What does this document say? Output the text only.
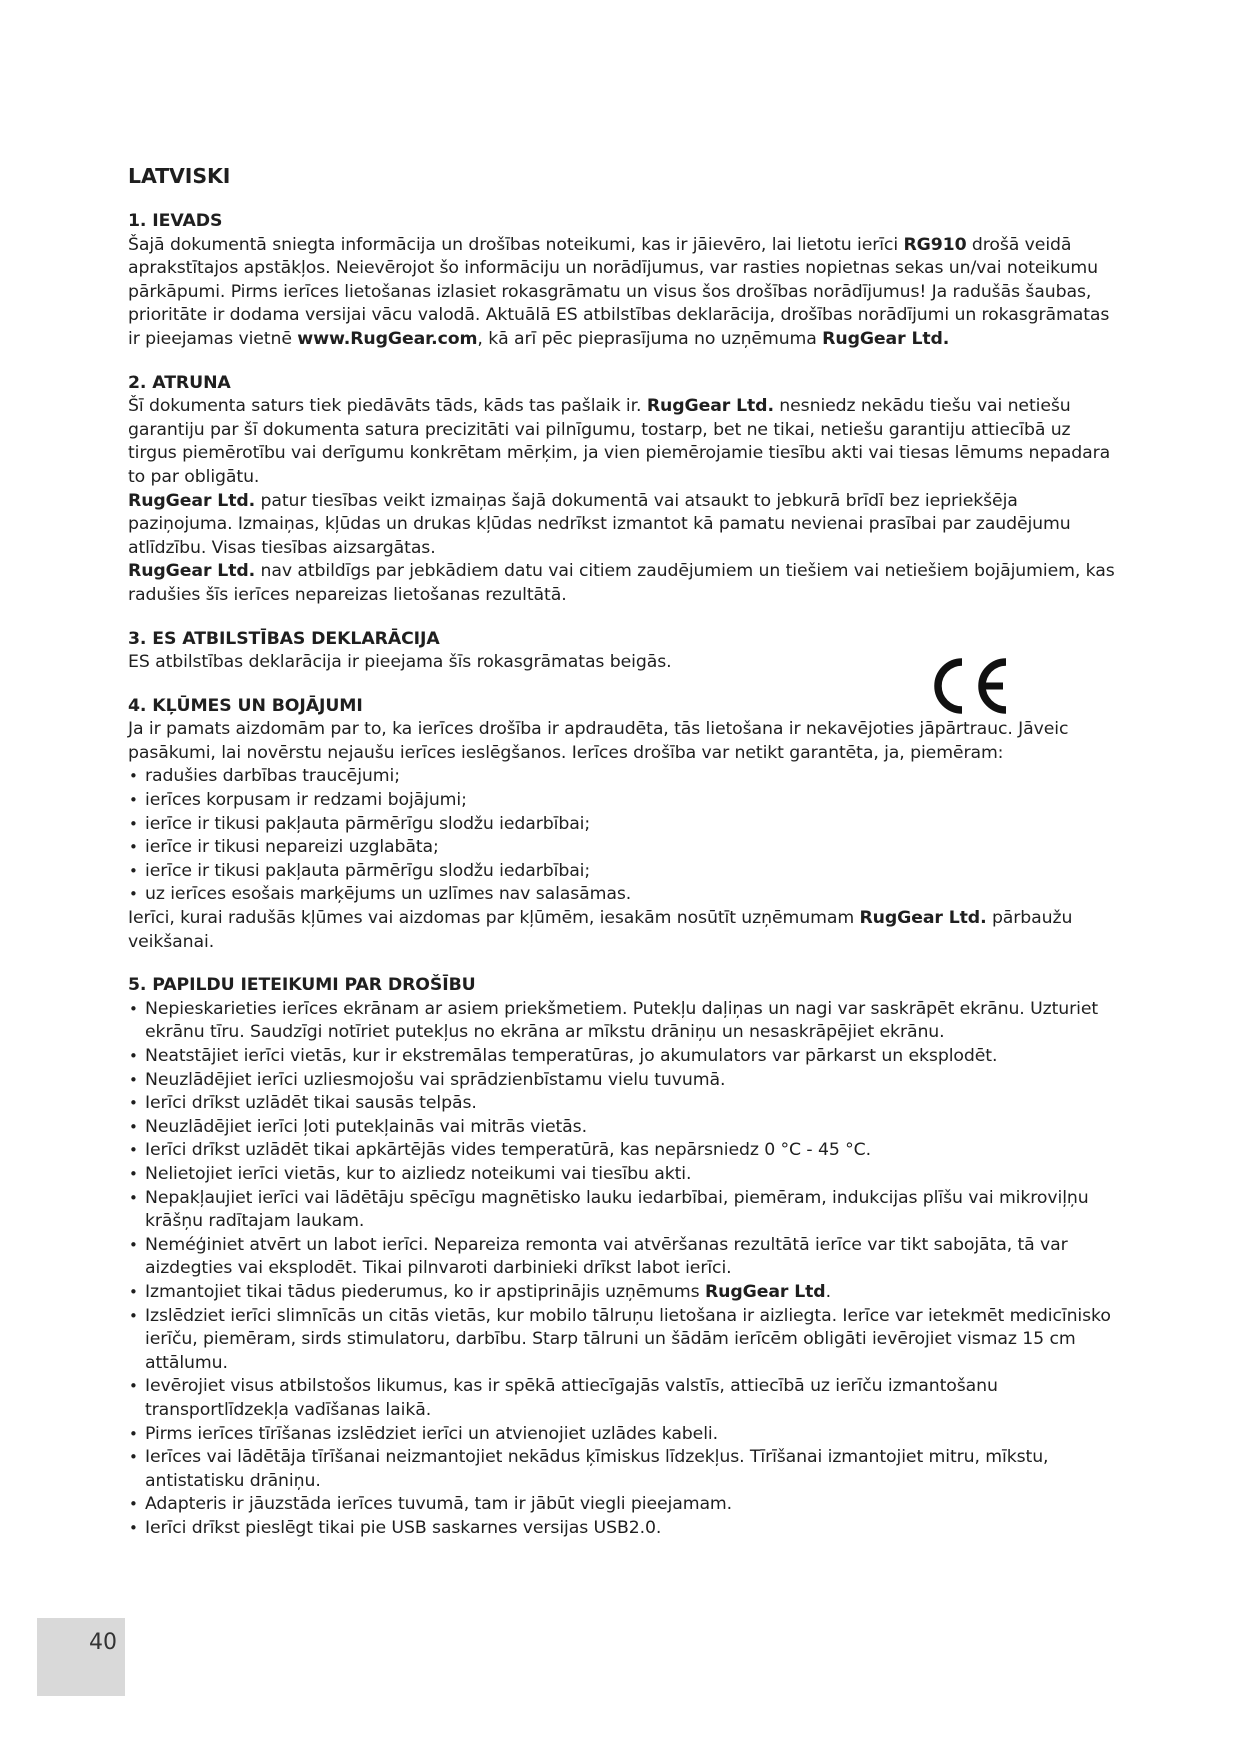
LATVISKI

1. IEVADS

Šajā dokumentā sniegta informācija un drošības noteikumi, kas ir jāievēro, lai lietotu ierīci RG910 drošā veidā aprakstītajos apstākļos. Neievērojot šo informāciju un norādījumus, var rasties nopietnas sekas un/vai noteikumu pārkāpumi. Pirms ierīces lietošanas izlasiet rokasgrāmatu un visus šos drošības norādījumus! Ja radušās šaubas, prioritāte ir dodama versijai vācu valodā. Aktuālā ES atbilstības deklarācija, drošības norādījumi un rokasgrāmatas ir pieejamas vietnē www.RugGear.com, kā arī pēc pieprasījuma no uzņēmuma RugGear Ltd.

2. ATRUNA

Šī dokumenta saturs tiek piedāvāts tāds, kāds tas pašlaik ir. RugGear Ltd. nesniedz nekādu tiešu vai netiešu garantiju par šī dokumenta satura precizitāti vai pilnīgumu, tostarp, bet ne tikai, netiešu garantiju attiecībā uz tirgus piemērotību vai derīgumu konkrētam mērķim, ja vien piemērojamie tiesību akti vai tiesas lēmums nepadara to par obligātu.

RugGear Ltd. patur tiesības veikt izmaiņas šajā dokumentā vai atsaukt to jebkurā brīdī bez iepriekšēja paziņojuma. Izmaiņas, kļūdas un drukas kļūdas nedrīkst izmantot kā pamatu nevienai prasībai par zaudējumu atlīdzību. Visas tiesības aizsargātas.

RugGear Ltd. nav atbildīgs par jebkādiem datu vai citiem zaudējumiem un tiešiem vai netiešiem bojājumiem, kas radušies šīs ierīces nepareizas lietošanas rezultātā.

3. ES ATBILSTĪBAS DEKLARĀCIJA

ES atbilstības deklarācija ir pieejama šīs rokasgrāmatas beigās.

4. KĻŪMES UN BOJĀJUMI

Ja ir pamats aizdomām par to, ka ierīces drošība ir apdraudēta, tās lietošana ir nekavējoties jāpārtrauc. Jāveic pasākumi, lai novērstu nejaušu ierīces ieslēgšanos. Ierīces drošība var netikt garantēta, ja, piemēram:

• radušies darbības traucējumi;
• ierīces korpusam ir redzami bojājumi;
• ierīce ir tikusi pakļauta pārmērīgu slodžu iedarbībai;
• ierīce ir tikusi nepareizi uzglabāta;
• ierīce ir tikusi pakļauta pārmērīgu slodžu iedarbībai;
• uz ierīces esošais marķējums un uzlīmes nav salasāmas.

Ierīci, kurai radušās kļūmes vai aizdomas par kļūmēm, iesakām nosūtīt uzņēmumam RugGear Ltd. pārbaužu veikšanai.

5. PAPILDU IETEIKUMI PAR DROŠĪBU

• Nepieskarieties ierīces ekrānam ar asiem priekšmetiem. Putekļu daļiņas un nagi var saskrāpēt ekrānu. Uzturiet ekrānu tīru. Saudzīgi notīriet putekļus no ekrāna ar mīkstu drāniņu un nesaskrāpējiet ekrānu.
• Neatstājiet ierīci vietās, kur ir ekstremālas temperatūras, jo akumulators var pārkarst un eksplodēt.
• Neuzlādējiet ierīci uzliesmojošu vai sprādzienbīstamu vielu tuvumā.
• Ierīci drīkst uzlādēt tikai sausās telpās.
• Neuzlādējiet ierīci ļoti putekļainās vai mitrās vietās.
• Ierīci drīkst uzlādēt tikai apkārtējās vides temperatūrā, kas nepārsniedz 0 °C - 45 °C.
• Nelietojiet ierīci vietās, kur to aizliedz noteikumi vai tiesību akti.
• Nepakļaujiet ierīci vai lādētāju spēcīgu magnētisko lauku iedarbībai, piemēram, indukcijas plīšu vai mikroviļņu krāšņu radītajam laukam.
• Neméģiniet atvērt un labot ierīci. Nepareiza remonta vai atvēršanas rezultātā ierīce var tikt sabojāta, tā var aizdegties vai eksplodēt. Tikai pilnvaroti darbinieki drīkst labot ierīci.
• Izmantojiet tikai tādus piederumus, ko ir apstiprinājis uzņēmums RugGear Ltd.
• Izslēdziet ierīci slimnīcās un citās vietās, kur mobilo tālruņu lietošana ir aizliegta. Ierīce var ietekmēt medicīnisko ierīču, piemēram, sirds stimulatoru, darbību. Starp tālruni un šādām ierīcēm obligāti ievērojiet vismaz 15 cm attālumu.
• Ievērojiet visus atbilstošos likumus, kas ir spēkā attiecīgajās valstīs, attiecībā uz ierīču izmantošanu transportlīdzekļa vadīšanas laikā.
• Pirms ierīces tīrīšanas izslēdziet ierīci un atvienojiet uzlādes kabeli.
• Ierīces vai lādētāja tīrīšanai neizmantojiet nekādus ķīmiskus līdzekļus. Tīrīšanai izmantojiet mitru, mīkstu, antistatisku drāniņu.
• Adapteris ir jāuzstāda ierīces tuvumā, tam ir jābūt viegli pieejamam.
• Ierīci drīkst pieslēgt tikai pie USB saskarnes versijas USB2.0.
40
